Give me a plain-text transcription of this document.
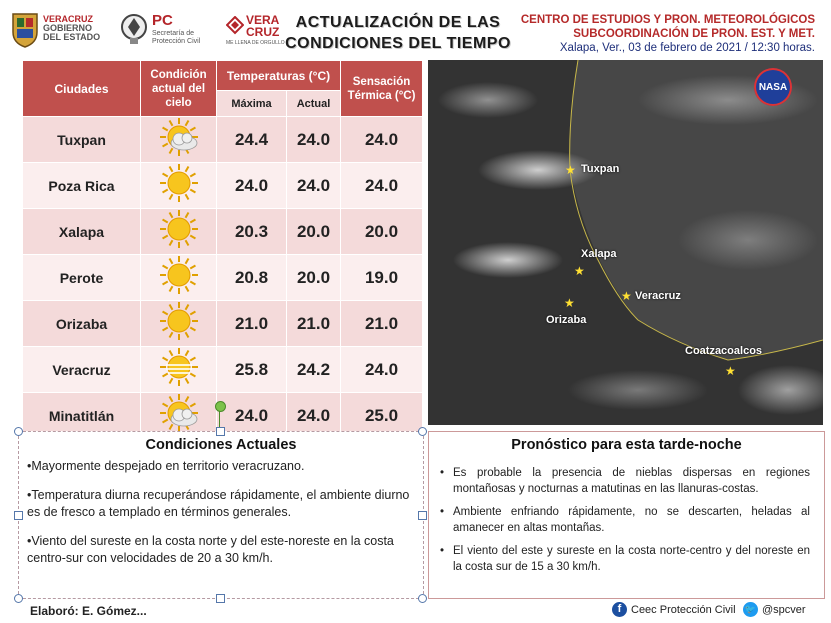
VERACRUZ
GOBIERNO
DEL ESTADO
PC
Secretaría de
Protección Civil
VERA
CRUZ
ME LLENA DE ORGULLO
ACTUALIZACIÓN DE LAS
CONDICIONES DEL TIEMPO
CENTRO DE ESTUDIOS Y PRON. METEOROLÓGICOS
SUBCOORDINACIÓN DE PRON. EST. Y MET.
Xalapa, Ver., 03 de febrero de 2021 / 12:30 horas.
Ciudades	Condición actual del cielo	Temperaturas (°C)		Sensación Térmica (°C)
		Máxima	Actual	
Tuxpan		24.4	24.0	24.0
Poza Rica		24.0	24.0	24.0
Xalapa		20.3	20.0	20.0
Perote		20.8	20.0	19.0
Orizaba		21.0	21.0	21.0
Veracruz		25.8	24.2	24.0
Minatitlán		24.0	24.0	25.0
NASA
★ Tuxpan
★
Xalapa
★ Veracruz
★
Orizaba
★
Coatzacoalcos
Condiciones Actuales

•Mayormente despejado en territorio veracruzano.

•Temperatura diurna recuperándose rápidamente, el ambiente diurno es de fresco a templado en términos generales.

•Viento del sureste en la costa norte y del este-noreste en la costa centro-sur con velocidades de 20 a 30 km/h.

Pronóstico para esta tarde-noche
• Es probable la presencia de nieblas dispersas en regiones montañosas y nocturnas a matutinas en las llanuras-costas.
• Ambiente enfriando rápidamente, no se descarten, heladas al amanecer en altas montañas.
• El viento del este y sureste en la costa norte-centro y del noreste en la costa sur de 15 a 30 km/h.
Elaboró: E. Gómez...	f Ceec Protección Civil 🐦 @spcver
